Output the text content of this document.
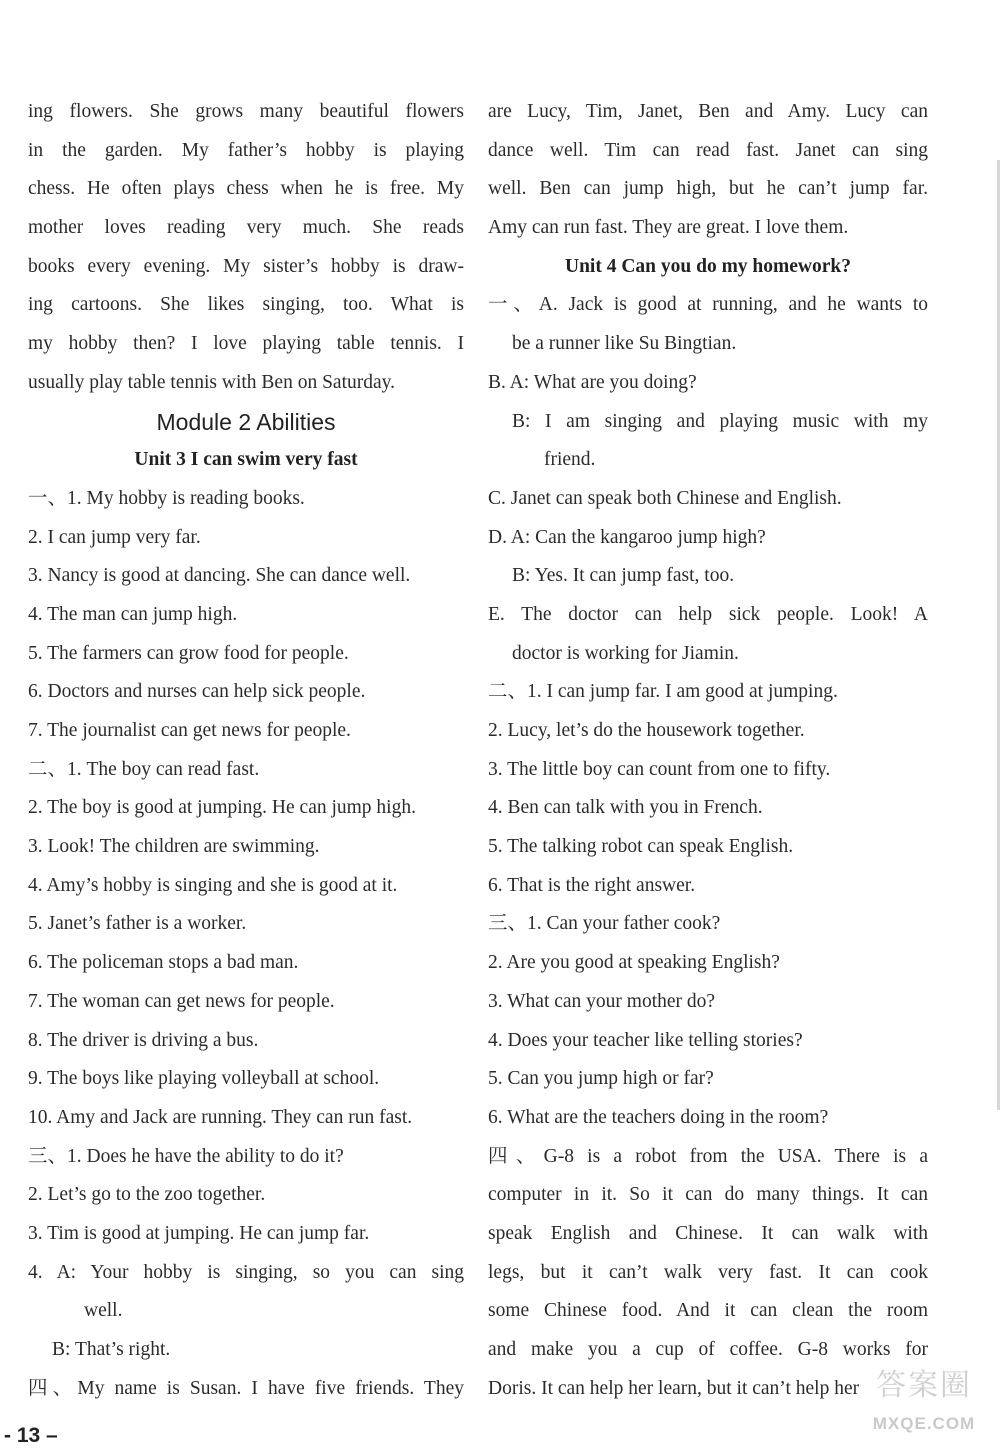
ing flowers. She grows many beautiful flowers
in the garden. My father’s hobby is playing
chess. He often plays chess when he is free. My
mother loves reading very much. She reads
books every evening. My sister’s hobby is draw-
ing cartoons. She likes singing, too. What is
my hobby then? I love playing table tennis. I
usually play table tennis with Ben on Saturday.
Module 2 Abilities
Unit 3 I can swim very fast
一、1. My hobby is reading books.
2. I can jump very far.
3. Nancy is good at dancing. She can dance well.
4. The man can jump high.
5. The farmers can grow food for people.
6. Doctors and nurses can help sick people.
7. The journalist can get news for people.
二、1. The boy can read fast.
2. The boy is good at jumping. He can jump high.
3. Look! The children are swimming.
4. Amy’s hobby is singing and she is good at it.
5. Janet’s father is a worker.
6. The policeman stops a bad man.
7. The woman can get news for people.
8. The driver is driving a bus.
9. The boys like playing volleyball at school.
10. Amy and Jack are running. They can run fast.
三、1. Does he have the ability to do it?
2. Let’s go to the zoo together.
3. Tim is good at jumping. He can jump far.
4. A: Your hobby is singing, so you can sing
well.
B: That’s right.
四、My name is Susan. I have five friends. They
are Lucy, Tim, Janet, Ben and Amy. Lucy can
dance well. Tim can read fast. Janet can sing
well. Ben can jump high, but he can’t jump far.
Amy can run fast. They are great. I love them.
Unit 4 Can you do my homework?
一、A. Jack is good at running, and he wants to
be a runner like Su Bingtian.
B. A: What are you doing?
B: I am singing and playing music with my
friend.
C. Janet can speak both Chinese and English.
D. A: Can the kangaroo jump high?
B: Yes. It can jump fast, too.
E. The doctor can help sick people. Look! A
doctor is working for Jiamin.
二、1. I can jump far. I am good at jumping.
2. Lucy, let’s do the housework together.
3. The little boy can count from one to fifty.
4. Ben can talk with you in French.
5. The talking robot can speak English.
6. That is the right answer.
三、1. Can your father cook?
2. Are you good at speaking English?
3. What can your mother do?
4. Does your teacher like telling stories?
5. Can you jump high or far?
6. What are the teachers doing in the room?
四、G-8 is a robot from the USA. There is a
computer in it. So it can do many things. It can
speak English and Chinese. It can walk with
legs, but it can’t walk very fast. It can cook
some Chinese food. And it can clean the room
and make you a cup of coffee. G-8 works for
Doris. It can help her learn, but it can’t help her
- 13 –
答案圈
MXQE.COM
